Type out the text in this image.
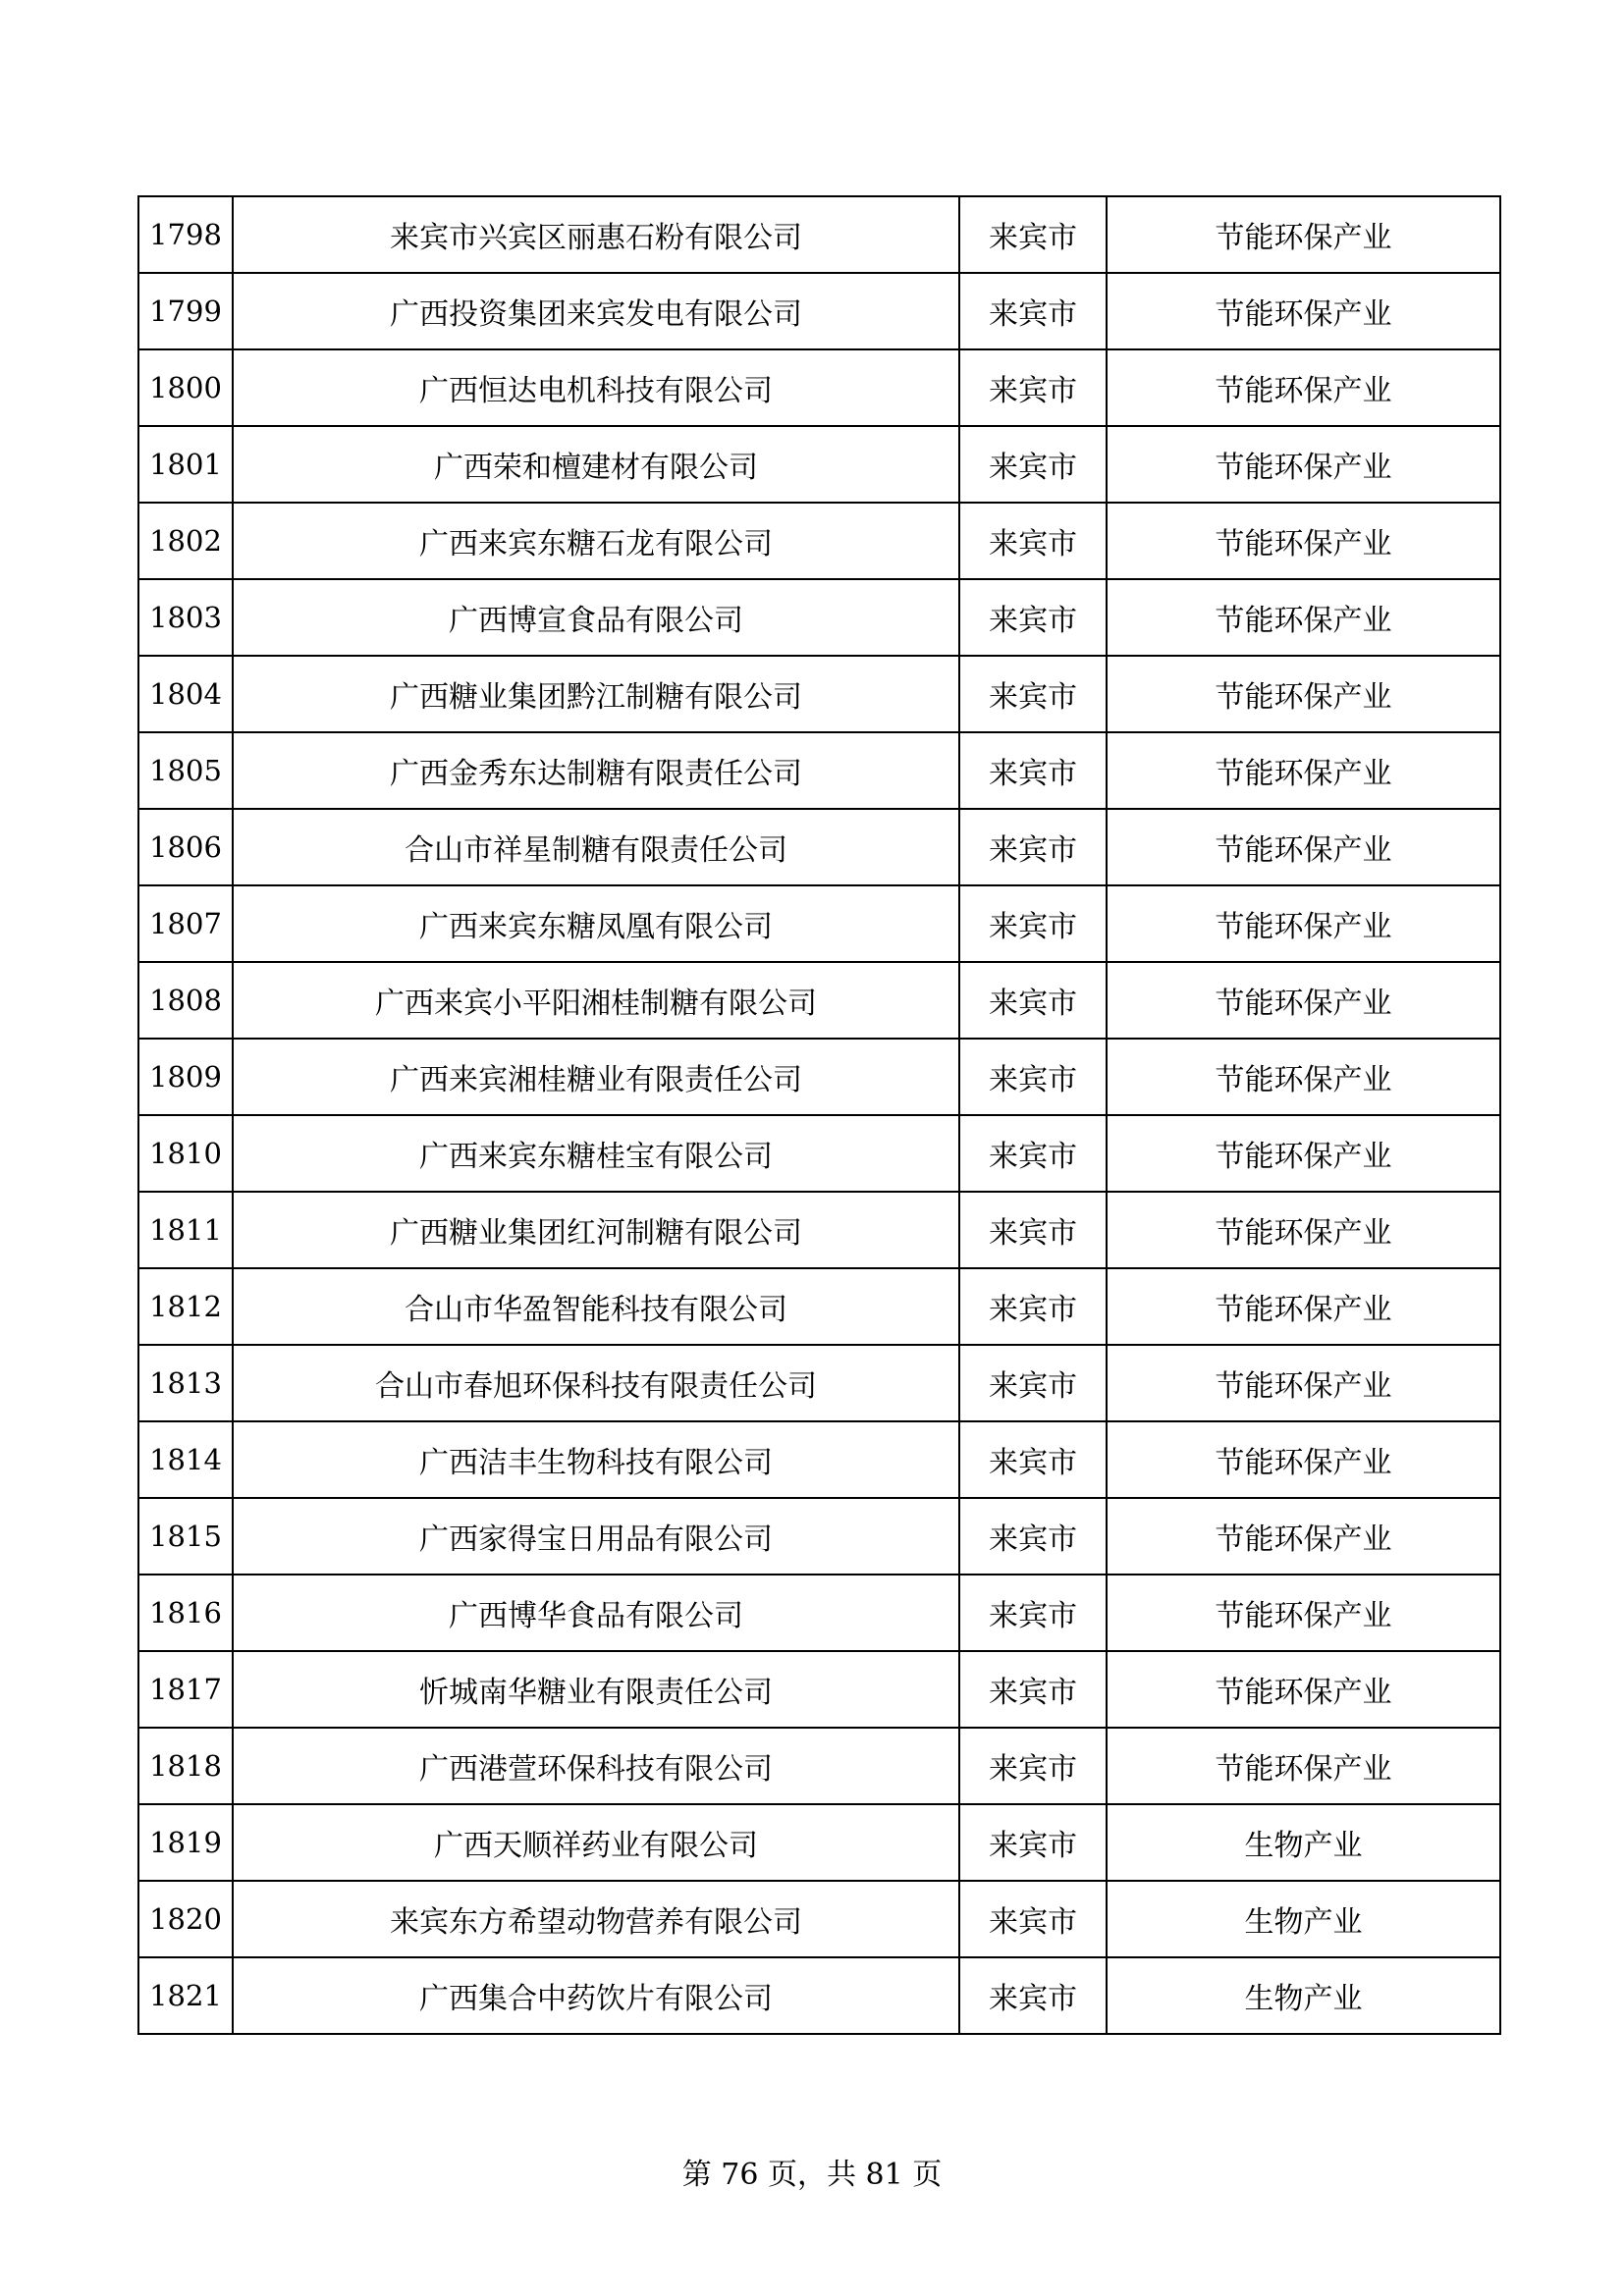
1798	来宾市兴宾区丽惠石粉有限公司	来宾市	节能环保产业
1799	广西投资集团来宾发电有限公司	来宾市	节能环保产业
1800	广西恒达电机科技有限公司	来宾市	节能环保产业
1801	广西荣和檀建材有限公司	来宾市	节能环保产业
1802	广西来宾东糖石龙有限公司	来宾市	节能环保产业
1803	广西博宣食品有限公司	来宾市	节能环保产业
1804	广西糖业集团黔江制糖有限公司	来宾市	节能环保产业
1805	广西金秀东达制糖有限责任公司	来宾市	节能环保产业
1806	合山市祥星制糖有限责任公司	来宾市	节能环保产业
1807	广西来宾东糖凤凰有限公司	来宾市	节能环保产业
1808	广西来宾小平阳湘桂制糖有限公司	来宾市	节能环保产业
1809	广西来宾湘桂糖业有限责任公司	来宾市	节能环保产业
1810	广西来宾东糖桂宝有限公司	来宾市	节能环保产业
1811	广西糖业集团红河制糖有限公司	来宾市	节能环保产业
1812	合山市华盈智能科技有限公司	来宾市	节能环保产业
1813	合山市春旭环保科技有限责任公司	来宾市	节能环保产业
1814	广西洁丰生物科技有限公司	来宾市	节能环保产业
1815	广西家得宝日用品有限公司	来宾市	节能环保产业
1816	广西博华食品有限公司	来宾市	节能环保产业
1817	忻城南华糖业有限责任公司	来宾市	节能环保产业
1818	广西港萱环保科技有限公司	来宾市	节能环保产业
1819	广西天顺祥药业有限公司	来宾市	生物产业
1820	来宾东方希望动物营养有限公司	来宾市	生物产业
1821	广西集合中药饮片有限公司	来宾市	生物产业
第 76 页，共 81 页
